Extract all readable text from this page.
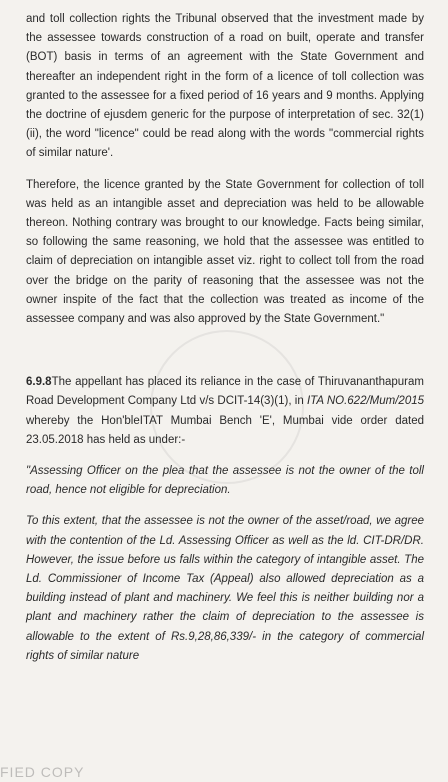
and toll collection rights the Tribunal observed that the investment made by the assessee towards construction of a road on built, operate and transfer (BOT) basis in terms of an agreement with the State Government and thereafter an independent right in the form of a licence of toll collection was granted to the assessee for a fixed period of 16 years and 9 months. Applying the doctrine of ejusdem generic for the purpose of interpretation of sec. 32(1)(ii), the word "licence" could be read along with the words "commercial rights of similar nature'.

Therefore, the licence granted by the State Government for collection of toll was held as an intangible asset and depreciation was held to be allowable thereon. Nothing contrary was brought to our knowledge. Facts being similar, so following the same reasoning, we hold that the assessee was entitled to claim of depreciation on intangible asset viz. right to collect toll from the road over the bridge on the parity of reasoning that the assessee was not the owner inspite of the fact that the collection was treated as income of the assessee company and was also approved by the State Government."

6.9.8The appellant has placed its reliance in the case of Thiruvananthapuram Road Development Company Ltd v/s DCIT-14(3)(1), in ITA NO.622/Mum/2015 whereby the Hon'bleITAT Mumbai Bench 'E', Mumbai vide order dated 23.05.2018 has held as under:-

"Assessing Officer on the plea that the assessee is not the owner of the toll road, hence not eligible for depreciation.

To this extent, that the assessee is not the owner of the asset/road, we agree with the contention of the Ld. Assessing Officer as well as the ld. CIT-DR/DR. However, the issue before us falls within the category of intangible asset. The Ld. Commissioner of Income Tax (Appeal) also allowed depreciation as a building instead of plant and machinery. We feel this is neither building nor a plant and machinery rather the claim of depreciation to the assessee is allowable to the extent of Rs.9,28,86,339/- in the category of commercial rights of similar nature

FIED COPY
